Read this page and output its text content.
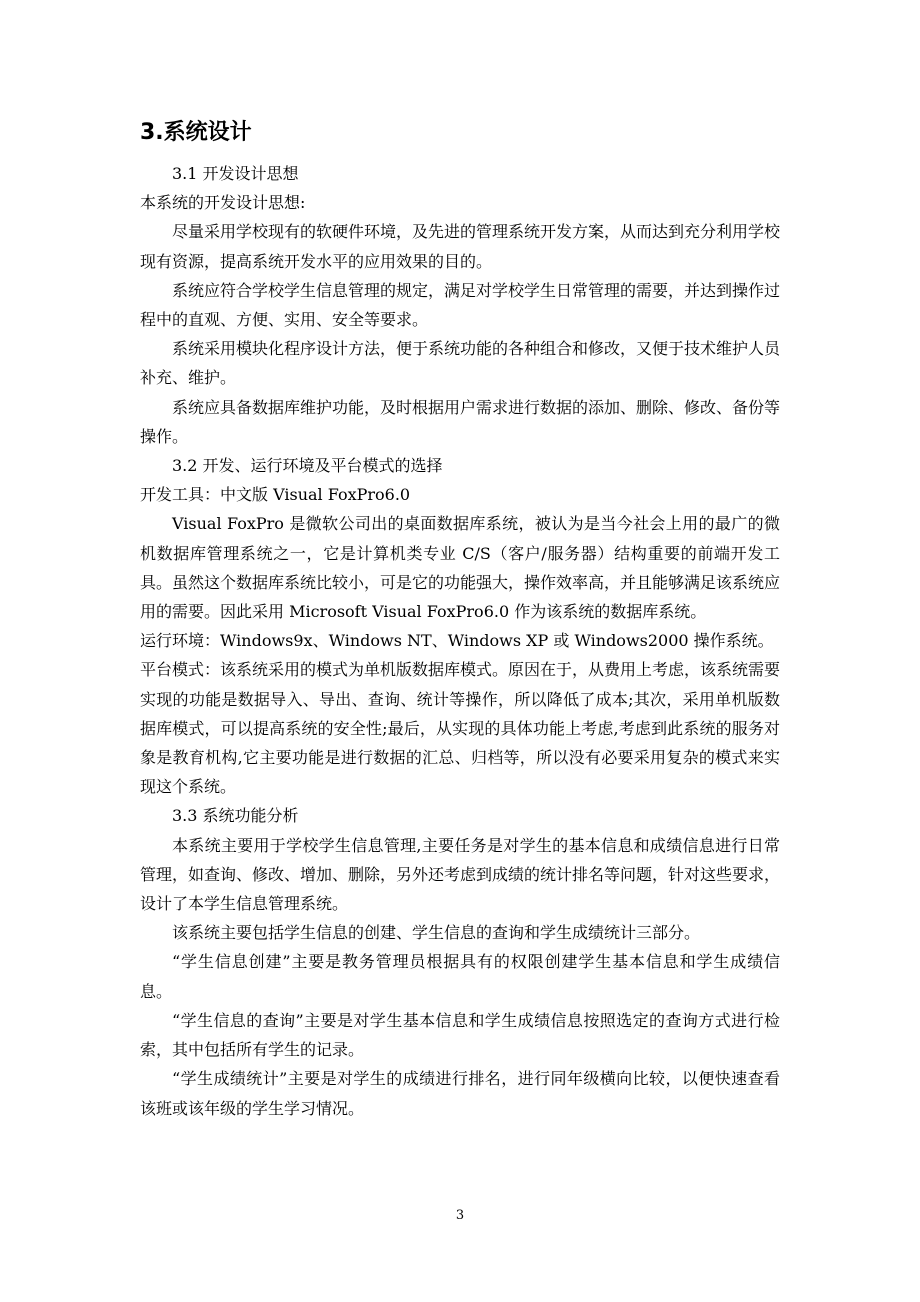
3.系统设计

3.1 开发设计思想

本系统的开发设计思想:

尽量采用学校现有的软硬件环境，及先进的管理系统开发方案，从而达到充分利用学校现有资源，提高系统开发水平的应用效果的目的。

系统应符合学校学生信息管理的规定，满足对学校学生日常管理的需要，并达到操作过程中的直观、方便、实用、安全等要求。

系统采用模块化程序设计方法，便于系统功能的各种组合和修改，又便于技术维护人员补充、维护。

系统应具备数据库维护功能，及时根据用户需求进行数据的添加、删除、修改、备份等操作。

3.2 开发、运行环境及平台模式的选择

开发工具：中文版 Visual FoxPro6.0

Visual FoxPro 是微软公司出的桌面数据库系统，被认为是当今社会上用的最广的微机数据库管理系统之一，它是计算机类专业 C/S（客户/服务器）结构重要的前端开发工具。虽然这个数据库系统比较小，可是它的功能强大，操作效率高，并且能够满足该系统应用的需要。因此采用 Microsoft Visual FoxPro6.0 作为该系统的数据库系统。

运行环境：Windows9x、Windows NT、Windows XP 或 Windows2000 操作系统。

平台模式：该系统采用的模式为单机版数据库模式。原因在于，从费用上考虑，该系统需要实现的功能是数据导入、导出、查询、统计等操作，所以降低了成本;其次，采用单机版数据库模式，可以提高系统的安全性;最后，从实现的具体功能上考虑,考虑到此系统的服务对象是教育机构,它主要功能是进行数据的汇总、归档等，所以没有必要采用复杂的模式来实现这个系统。

3.3 系统功能分析

本系统主要用于学校学生信息管理,主要任务是对学生的基本信息和成绩信息进行日常管理，如查询、修改、增加、删除，另外还考虑到成绩的统计排名等问题，针对这些要求，设计了本学生信息管理系统。

该系统主要包括学生信息的创建、学生信息的查询和学生成绩统计三部分。

“学生信息创建”主要是教务管理员根据具有的权限创建学生基本信息和学生成绩信息。

“学生信息的查询”主要是对学生基本信息和学生成绩信息按照选定的查询方式进行检索，其中包括所有学生的记录。

“学生成绩统计”主要是对学生的成绩进行排名，进行同年级横向比较，以便快速查看该班或该年级的学生学习情况。

3
